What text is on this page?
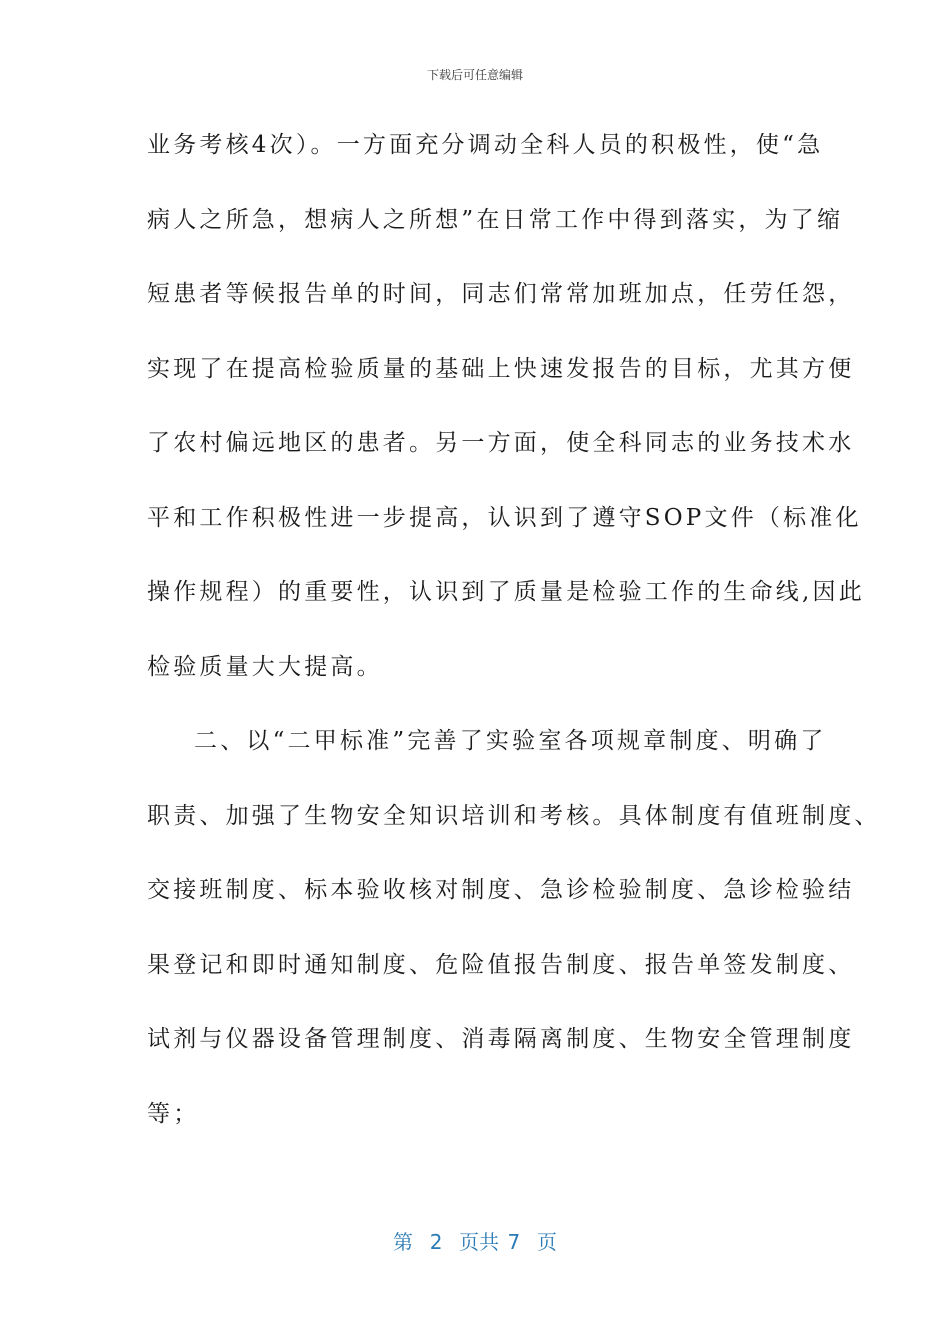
下载后可任意编辑
业务考核4次）。一方面充分调动全科人员的积极性，使“急
病人之所急，想病人之所想”在日常工作中得到落实，为了缩
短患者等候报告单的时间，同志们常常加班加点，任劳任怨，
实现了在提高检验质量的基础上快速发报告的目标，尤其方便
了农村偏远地区的患者。另一方面，使全科同志的业务技术水
平和工作积极性进一步提高，认识到了遵守SOP文件（标准化
操作规程）的重要性，认识到了质量是检验工作的生命线,因此
检验质量大大提高。
二、以“二甲标准”完善了实验室各项规章制度、明确了
职责、加强了生物安全知识培训和考核。具体制度有值班制度、
交接班制度、标本验收核对制度、急诊检验制度、急诊检验结
果登记和即时通知制度、危险值报告制度、报告单签发制度、
试剂与仪器设备管理制度、消毒隔离制度、生物安全管理制度
等；
第  2  页共 7  页
